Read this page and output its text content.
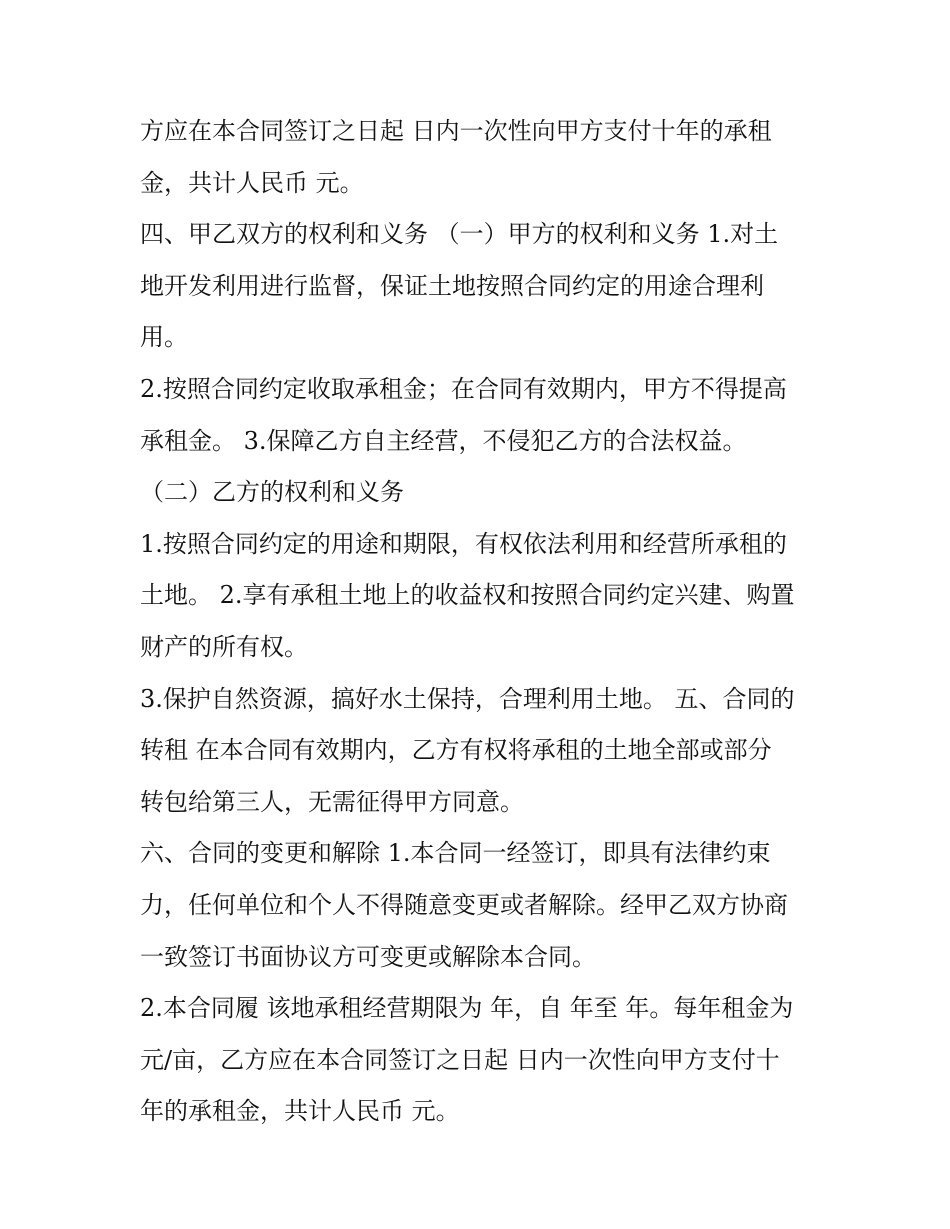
方应在本合同签订之日起 日内一次性向甲方支付十年的承租
金，共计人民币 元。
四、甲乙双方的权利和义务 （一）甲方的权利和义务 1.对土
地开发利用进行监督，保证土地按照合同约定的用途合理利
用。
2.按照合同约定收取承租金；在合同有效期内，甲方不得提高
承租金。 3.保障乙方自主经营，不侵犯乙方的合法权益。
（二）乙方的权利和义务
1.按照合同约定的用途和期限，有权依法利用和经营所承租的
土地。 2.享有承租土地上的收益权和按照合同约定兴建、购置
财产的所有权。
3.保护自然资源，搞好水土保持，合理利用土地。 五、合同的
转租 在本合同有效期内，乙方有权将承租的土地全部或部分
转包给第三人，无需征得甲方同意。
六、合同的变更和解除 1.本合同一经签订，即具有法律约束
力，任何单位和个人不得随意变更或者解除。经甲乙双方协商
一致签订书面协议方可变更或解除本合同。
2.本合同履 该地承租经营期限为 年，自 年至 年。每年租金为
元/亩，乙方应在本合同签订之日起 日内一次性向甲方支付十
年的承租金，共计人民币 元。
